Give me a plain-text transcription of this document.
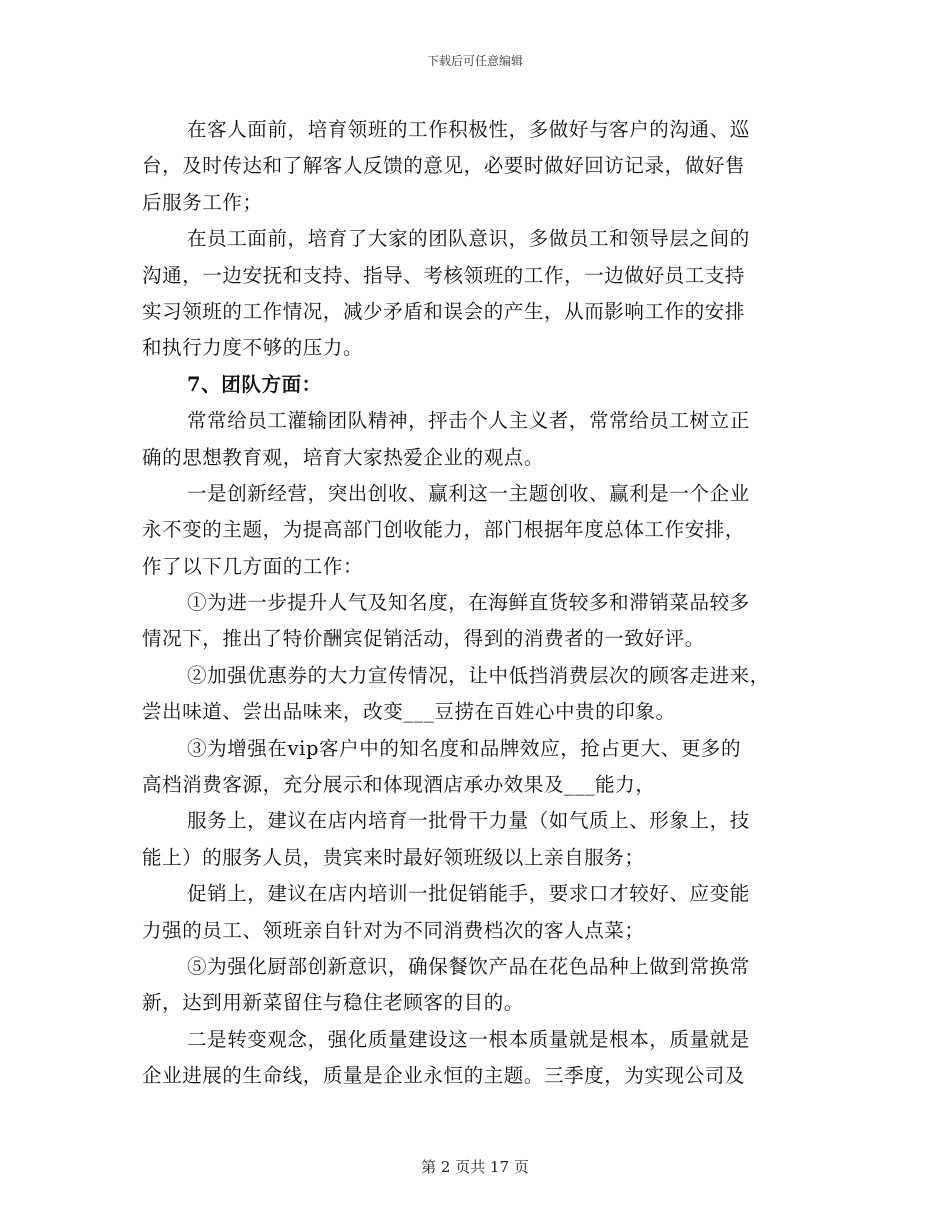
下载后可任意编辑
在客人面前，培育领班的工作积极性，多做好与客户的沟通、巡
台，及时传达和了解客人反馈的意见，必要时做好回访记录，做好售
后服务工作；
在员工面前，培育了大家的团队意识，多做员工和领导层之间的
沟通，一边安抚和支持、指导、考核领班的工作，一边做好员工支持
实习领班的工作情况，减少矛盾和误会的产生，从而影响工作的安排
和执行力度不够的压力。
7、团队方面：
常常给员工灌输团队精神，抨击个人主义者，常常给员工树立正
确的思想教育观，培育大家热爱企业的观点。
一是创新经营，突出创收、赢利这一主题创收、赢利是一个企业
永不变的主题，为提高部门创收能力，部门根据年度总体工作安排，
作了以下几方面的工作：
①为进一步提升人气及知名度，在海鲜直货较多和滞销菜品较多
情况下，推出了特价酬宾促销活动，得到的消费者的一致好评。
②加强优惠券的大力宣传情况，让中低挡消费层次的顾客走进来，
尝出味道、尝出品味来，改变___豆捞在百姓心中贵的印象。
③为增强在vip客户中的知名度和品牌效应，抢占更大、更多的
高档消费客源，充分展示和体现酒店承办效果及___能力，
服务上，建议在店内培育一批骨干力量（如气质上、形象上，技
能上）的服务人员，贵宾来时最好领班级以上亲自服务；
促销上，建议在店内培训一批促销能手，要求口才较好、应变能
力强的员工、领班亲自针对为不同消费档次的客人点菜；
⑤为强化厨部创新意识，确保餐饮产品在花色品种上做到常换常
新，达到用新菜留住与稳住老顾客的目的。
二是转变观念，强化质量建设这一根本质量就是根本，质量就是
企业进展的生命线，质量是企业永恒的主题。三季度，为实现公司及
第 2 页共 17 页
